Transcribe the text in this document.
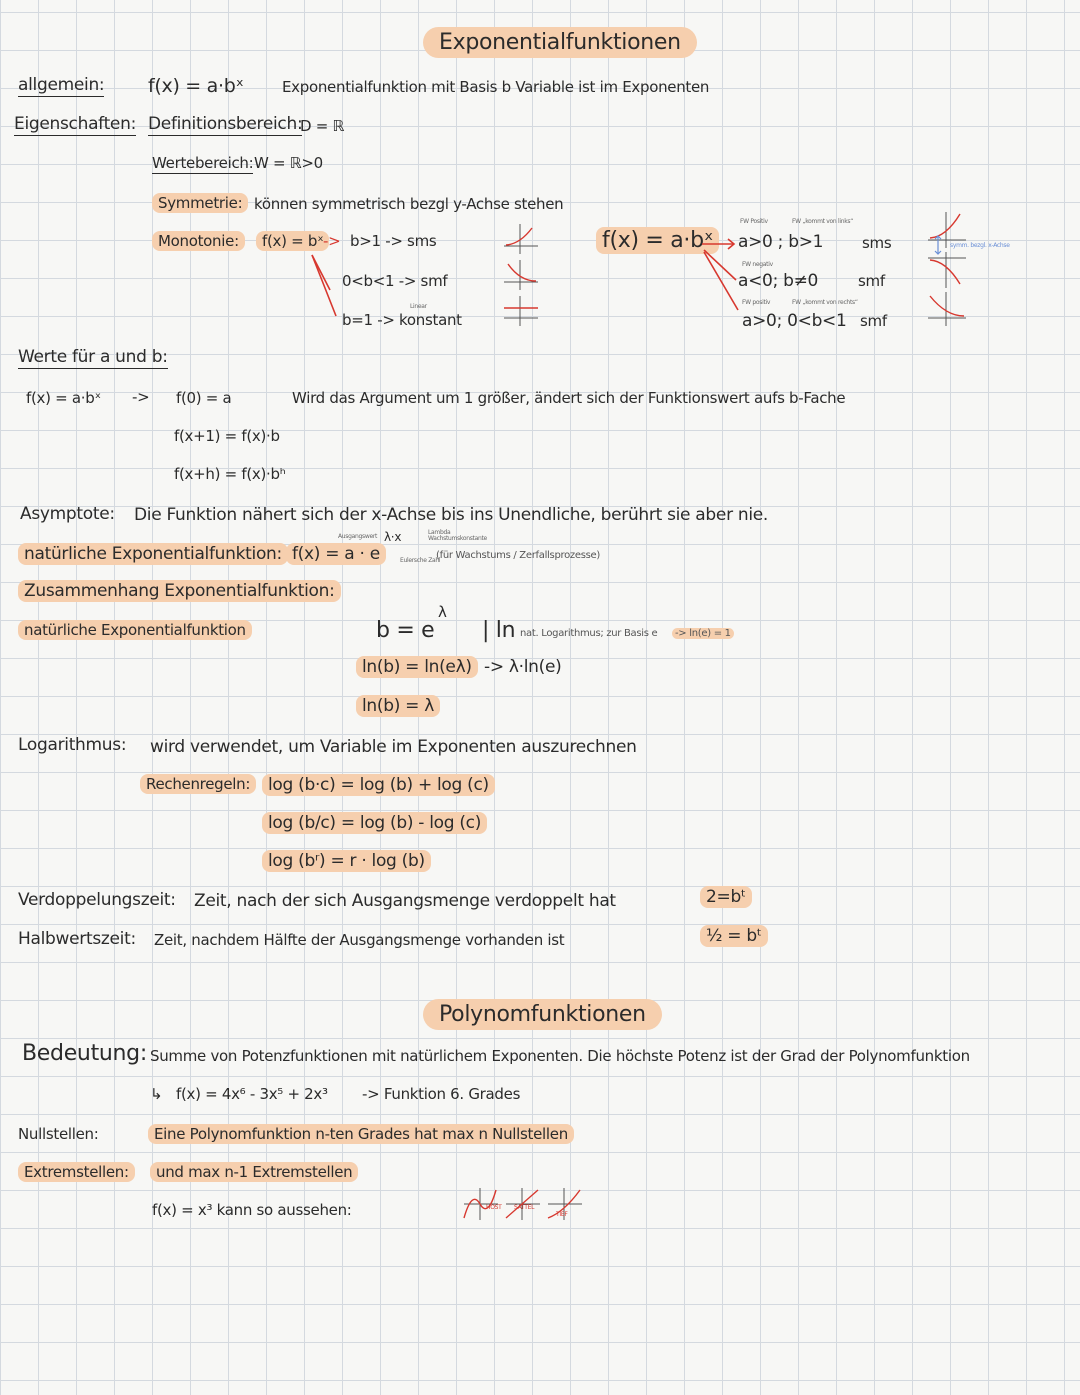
Exponentialfunktionen
allgemein: f(x) = a·bˣ	Exponentialfunktion mit Basis b Variable ist im Exponenten
Eigenschaften: Definitionsbereich:
D = ℝ
Wertebereich: W = ℝ>0
Symmetrie: können symmetrisch bezgl y-Achse stehen
Monotonie:	f(x) = bˣ -> b>1 -> sms
0<b<1 -> smf
Linear
b=1 -> konstant
f(x) = a·bˣ
FW Positiv	FW „kommt von links“
a>0 ; b>1	sms
FW negativ
a<0; b≠0	smf
FW positiv	FW „kommt von rechts“
a>0; 0<b<1 smf
symm. bezgl. x-Achse
Werte für a und b:
f(x) = a·bˣ -> f(0) = a	Wird das Argument um 1 größer, ändert sich der Funktionswert aufs b-Fache
f(x+1) = f(x)·b
f(x+h) = f(x)·bʰ
Asymptote: Die Funktion nähert sich der x-Achse bis ins Unendliche, berührt sie aber nie.
natürliche Exponentialfunktion: f(x) = a · e
λ·x
Ausgangswert
Lambda Wachstumskonstante
Eulersche Zahl
(für Wachstums / Zerfallsprozesse)
Zusammenhang Exponentialfunktion:
natürliche Exponentialfunktion	b = e
λ
| ln nat. Logarithmus; zur Basis e	-> ln(e) = 1
ln(b) = ln(eλ) -> λ·ln(e)
ln(b) = λ
Logarithmus: wird verwendet, um Variable im Exponenten auszurechnen
Rechenregeln:	log (b·c) = log (b) + log (c)
log (b/c) = log (b) - log (c)
log (bʳ) = r · log (b)
Verdoppelungszeit: Zeit, nach der sich Ausgangsmenge verdoppelt hat	2=bᵗ
Halbwertszeit: Zeit, nachdem Hälfte der Ausgangsmenge vorhanden ist	½ = bᵗ
Polynomfunktionen
Bedeutung: Summe von Potenzfunktionen mit natürlichem Exponenten. Die höchste Potenz ist der Grad der Polynomfunktion
↳ f(x) = 4x⁶ - 3x⁵ + 2x³ -> Funktion 6. Grades
Nullstellen:	Eine Polynomfunktion n-ten Grades hat max n Nullstellen
Extremstellen:	und max n-1 Extremstellen
f(x) = x³ kann so aussehen:	HOST SATTEL
TIEF
